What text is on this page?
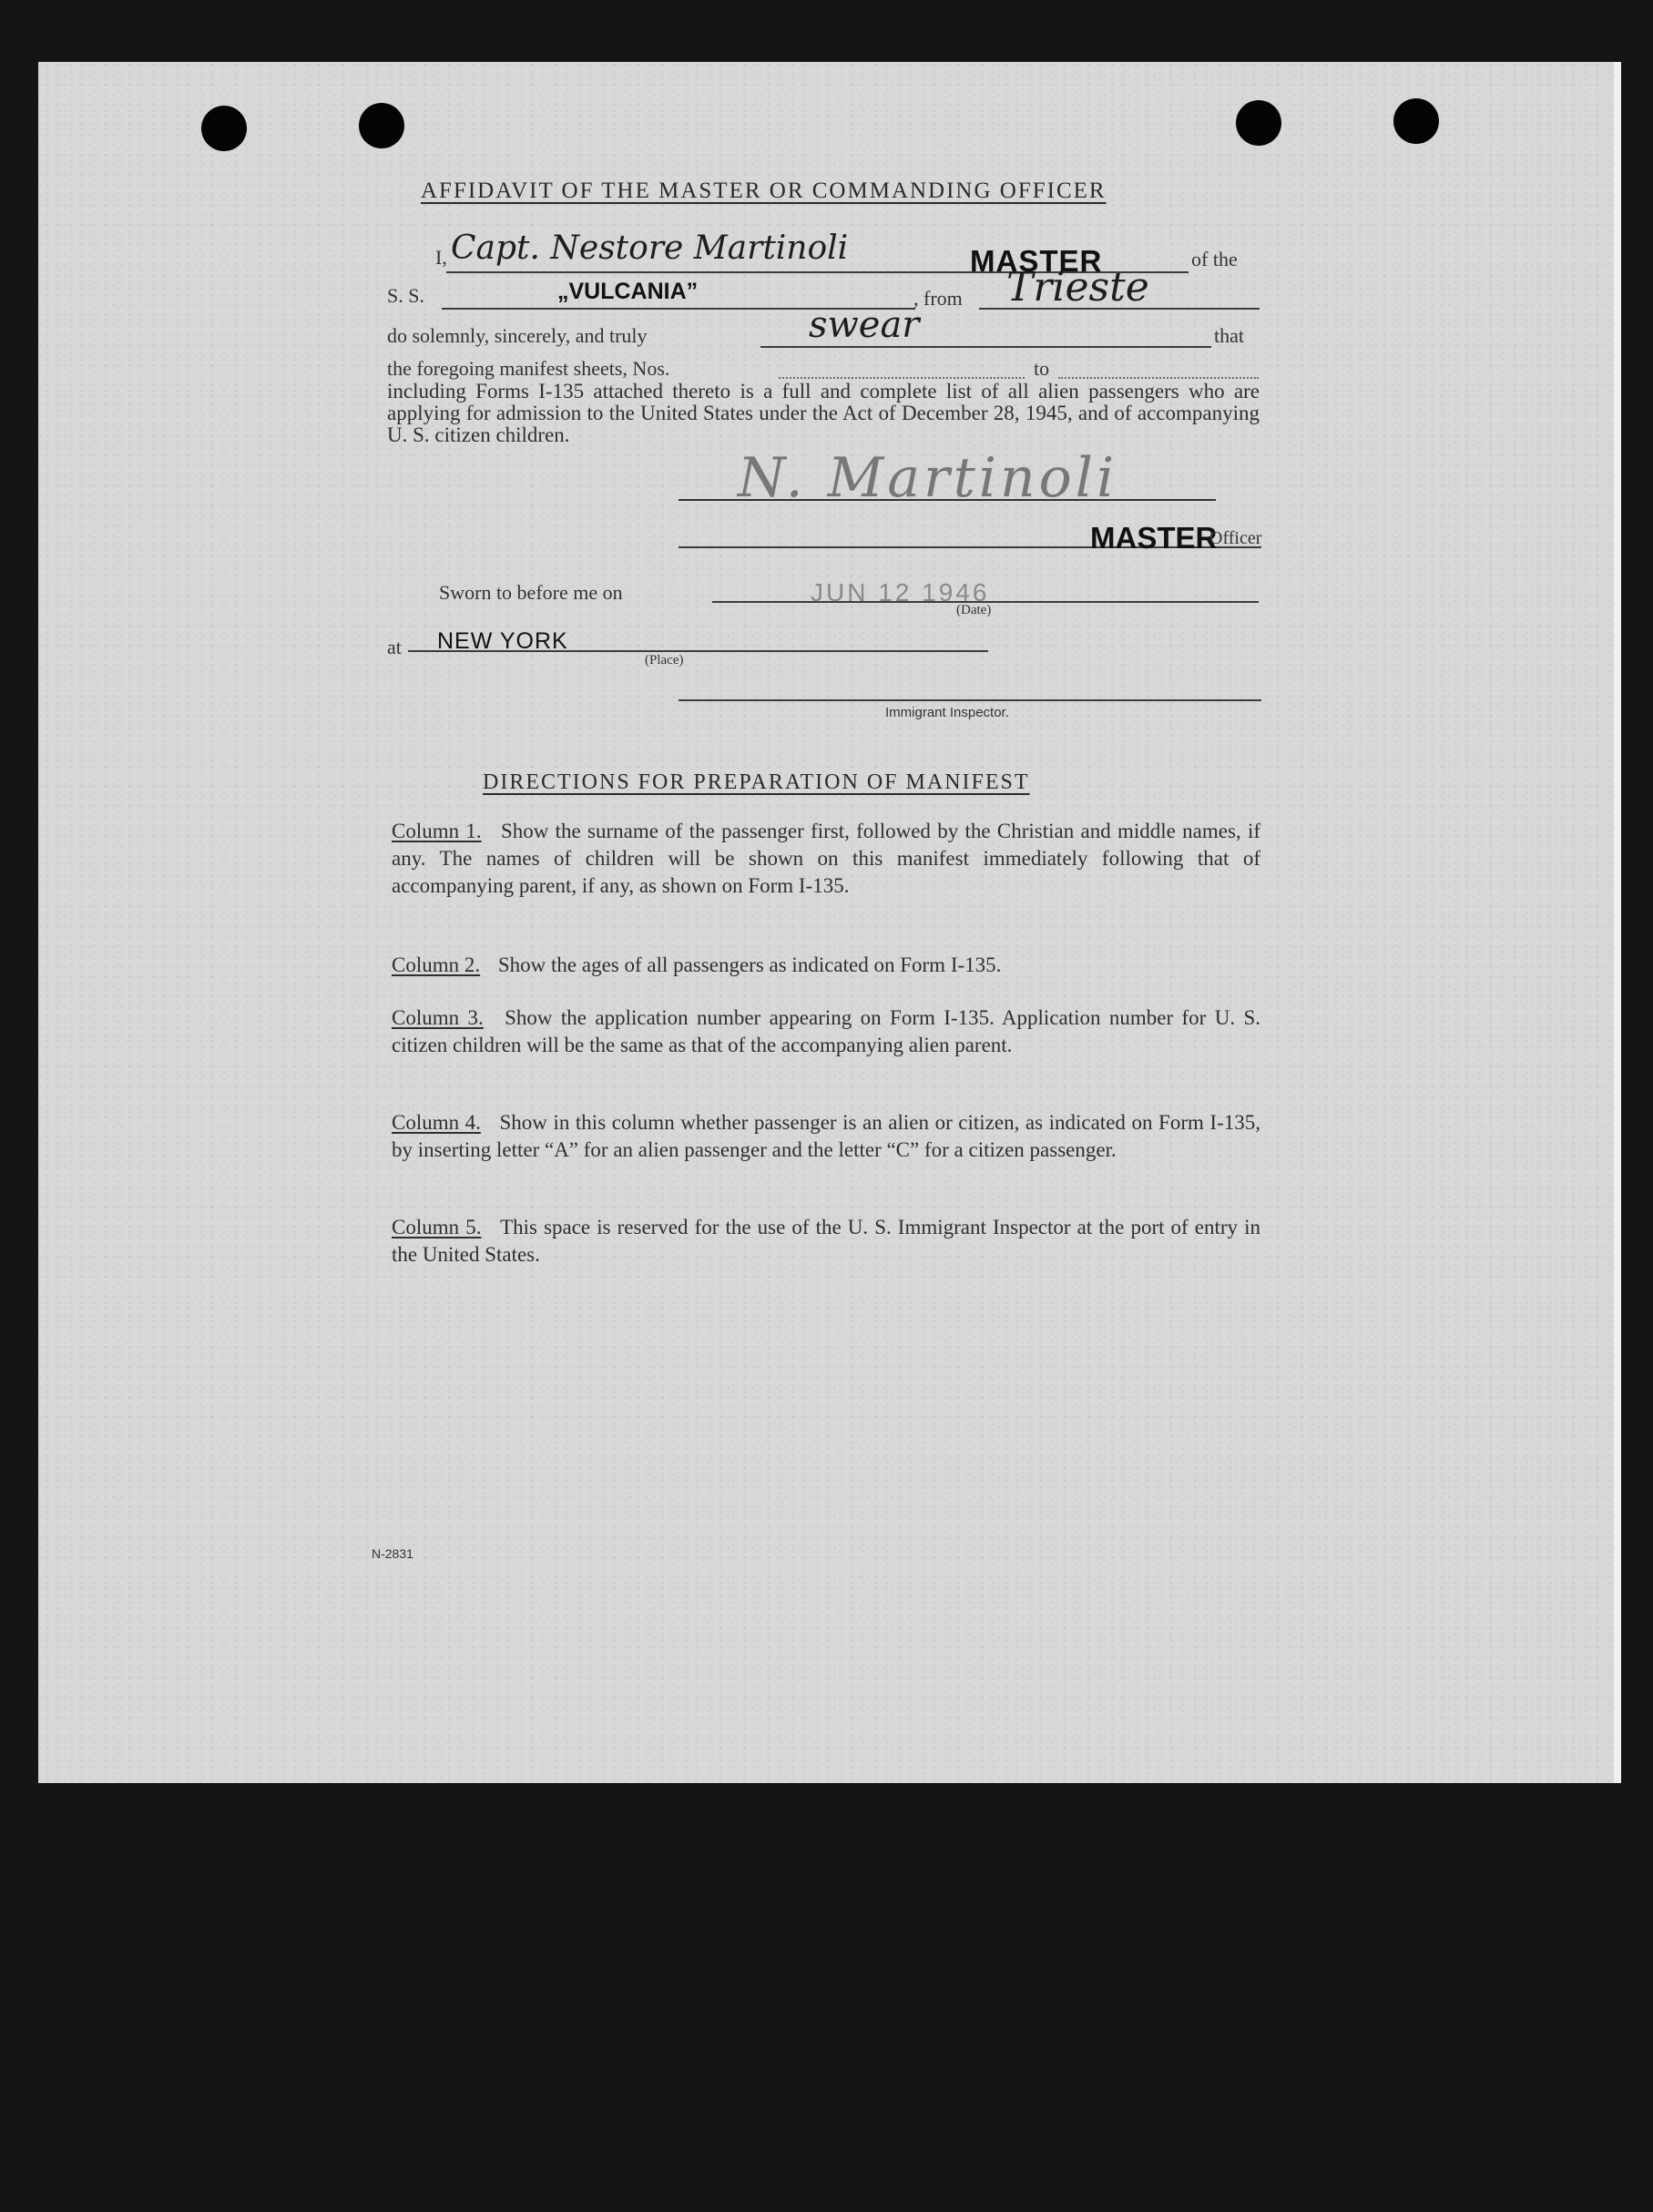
AFFIDAVIT OF THE MASTER OR COMMANDING OFFICER
I, Capt. Nestore Martinoli	MASTER	of the
S. S.	„VULCANIA”	, from Trieste
do solemnly, sincerely, and truly	swear	that
the foregoing manifest sheets, Nos.	to
including Forms I-135 attached thereto is a full and complete list of all alien passengers who are applying for admission to the United States under the Act of December 28, 1945, and of accompanying U. S. citizen children.
N. Martinoli
MASTER
Officer
Sworn to before me on	JUN 12 1946
(Date)
at NEW YORK
(Place)
Immigrant Inspector.
DIRECTIONS FOR PREPARATION OF MANIFEST
Column 1. Show the surname of the passenger first, followed by the Christian and middle names, if any. The names of children will be shown on this manifest immediately following that of accompanying parent, if any, as shown on Form I-135.
Column 2. Show the ages of all passengers as indicated on Form I-135.
Column 3. Show the application number appearing on Form I-135. Application number for U. S. citizen children will be the same as that of the accompanying alien parent.
Column 4. Show in this column whether passenger is an alien or citizen, as indicated on Form I-135, by inserting letter “A” for an alien passenger and the letter “C” for a citizen passenger.
Column 5. This space is reserved for the use of the U. S. Immigrant Inspector at the port of entry in the United States.
N-2831
